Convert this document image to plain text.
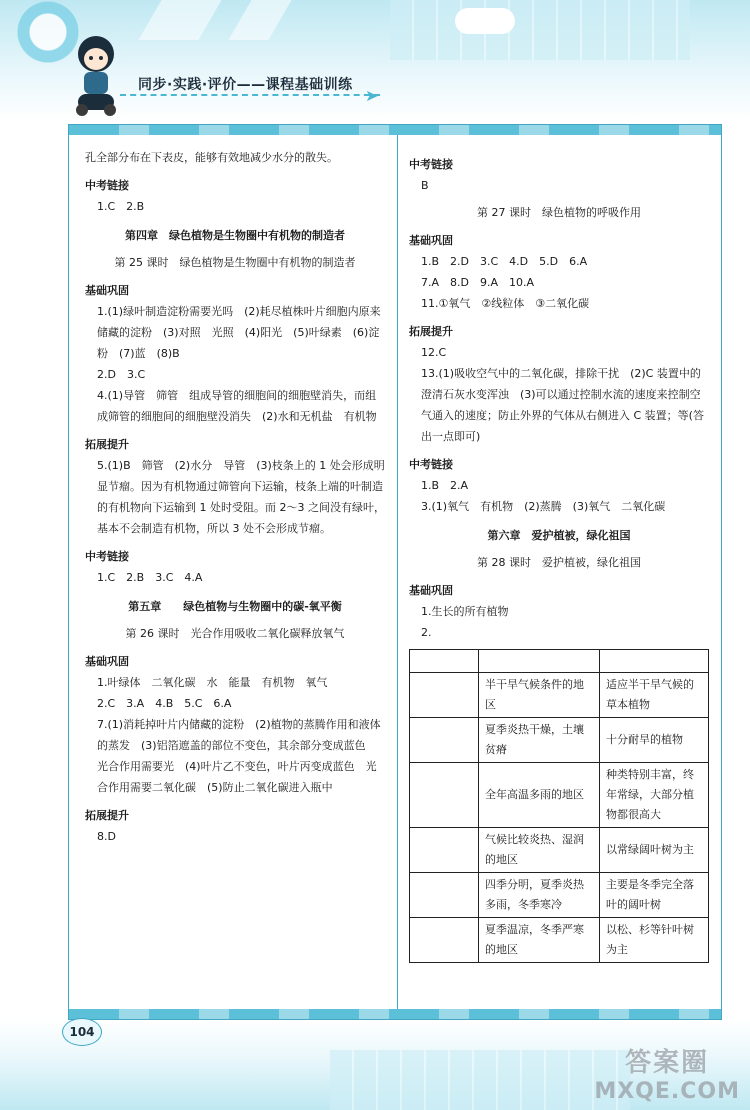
同步·实践·评价——课程基础训练
➤
孔全部分布在下表皮，能够有效地减少水分的散失。
中考链接
1.C　2.B
第四章　绿色植物是生物圈中有机物的制造者
第 25 课时　绿色植物是生物圈中有机物的制造者
基础巩固
1.(1)绿叶制造淀粉需要光吗　(2)耗尽植株叶片细胞内原来储藏的淀粉　(3)对照　光照　(4)阳光　(5)叶绿素　(6)淀粉　(7)蓝　(8)B
2.D　3.C
4.(1)导管　筛管　组成导管的细胞间的细胞壁消失，而组成筛管的细胞间的细胞壁没消失　(2)水和无机盐　有机物
拓展提升
5.(1)B　筛管　(2)水分　导管　(3)枝条上的 1 处会形成明显节瘤。因为有机物通过筛管向下运输，枝条上端的叶制造的有机物向下运输到 1 处时受阻。而 2～3 之间没有绿叶，基本不会制造有机物，所以 3 处不会形成节瘤。
中考链接
1.C　2.B　3.C　4.A
第五章　　绿色植物与生物圈中的碳-氧平衡
第 26 课时　光合作用吸收二氧化碳释放氧气
基础巩固
1.叶绿体　二氧化碳　水　能量　有机物　氧气
2.C　3.A　4.B　5.C　6.A
7.(1)消耗掉叶片内储藏的淀粉　(2)植物的蒸腾作用和液体的蒸发　(3)铝箔遮盖的部位不变色，其余部分变成蓝色　光合作用需要光　(4)叶片乙不变色，叶片丙变成蓝色　光合作用需要二氧化碳　(5)防止二氧化碳进入瓶中
拓展提升
8.D
中考链接
B
第 27 课时　绿色植物的呼吸作用
基础巩固
1.B　2.D　3.C　4.D　5.D　6.A
7.A　8.D　9.A　10.A
11.①氧气　②线粒体　③二氧化碳
拓展提升
12.C
13.(1)吸收空气中的二氧化碳，排除干扰　(2)C 装置中的澄清石灰水变浑浊　(3)可以通过控制水流的速度来控制空气通入的速度；防止外界的气体从右侧进入 C 装置；等(答出一点即可)
中考链接
1.B　2.A
3.(1)氧气　有机物　(2)蒸腾　(3)氧气　二氧化碳
第六章　爱护植被，绿化祖国
第 28 课时　爱护植被，绿化祖国
基础巩固
1.生长的所有植物
2.

	半干旱气候条件的地区	适应半干旱气候的草本植物
	夏季炎热干燥，土壤贫瘠	十分耐旱的植物
	全年高温多雨的地区	种类特别丰富，终年常绿，大部分植物都很高大
	气候比较炎热、湿润的地区	以常绿阔叶树为主
	四季分明，夏季炎热多雨，冬季寒冷	主要是冬季完全落叶的阔叶树
	夏季温凉，冬季严寒的地区	以松、杉等针叶树为主
答案圈
MXQE.COM
104
